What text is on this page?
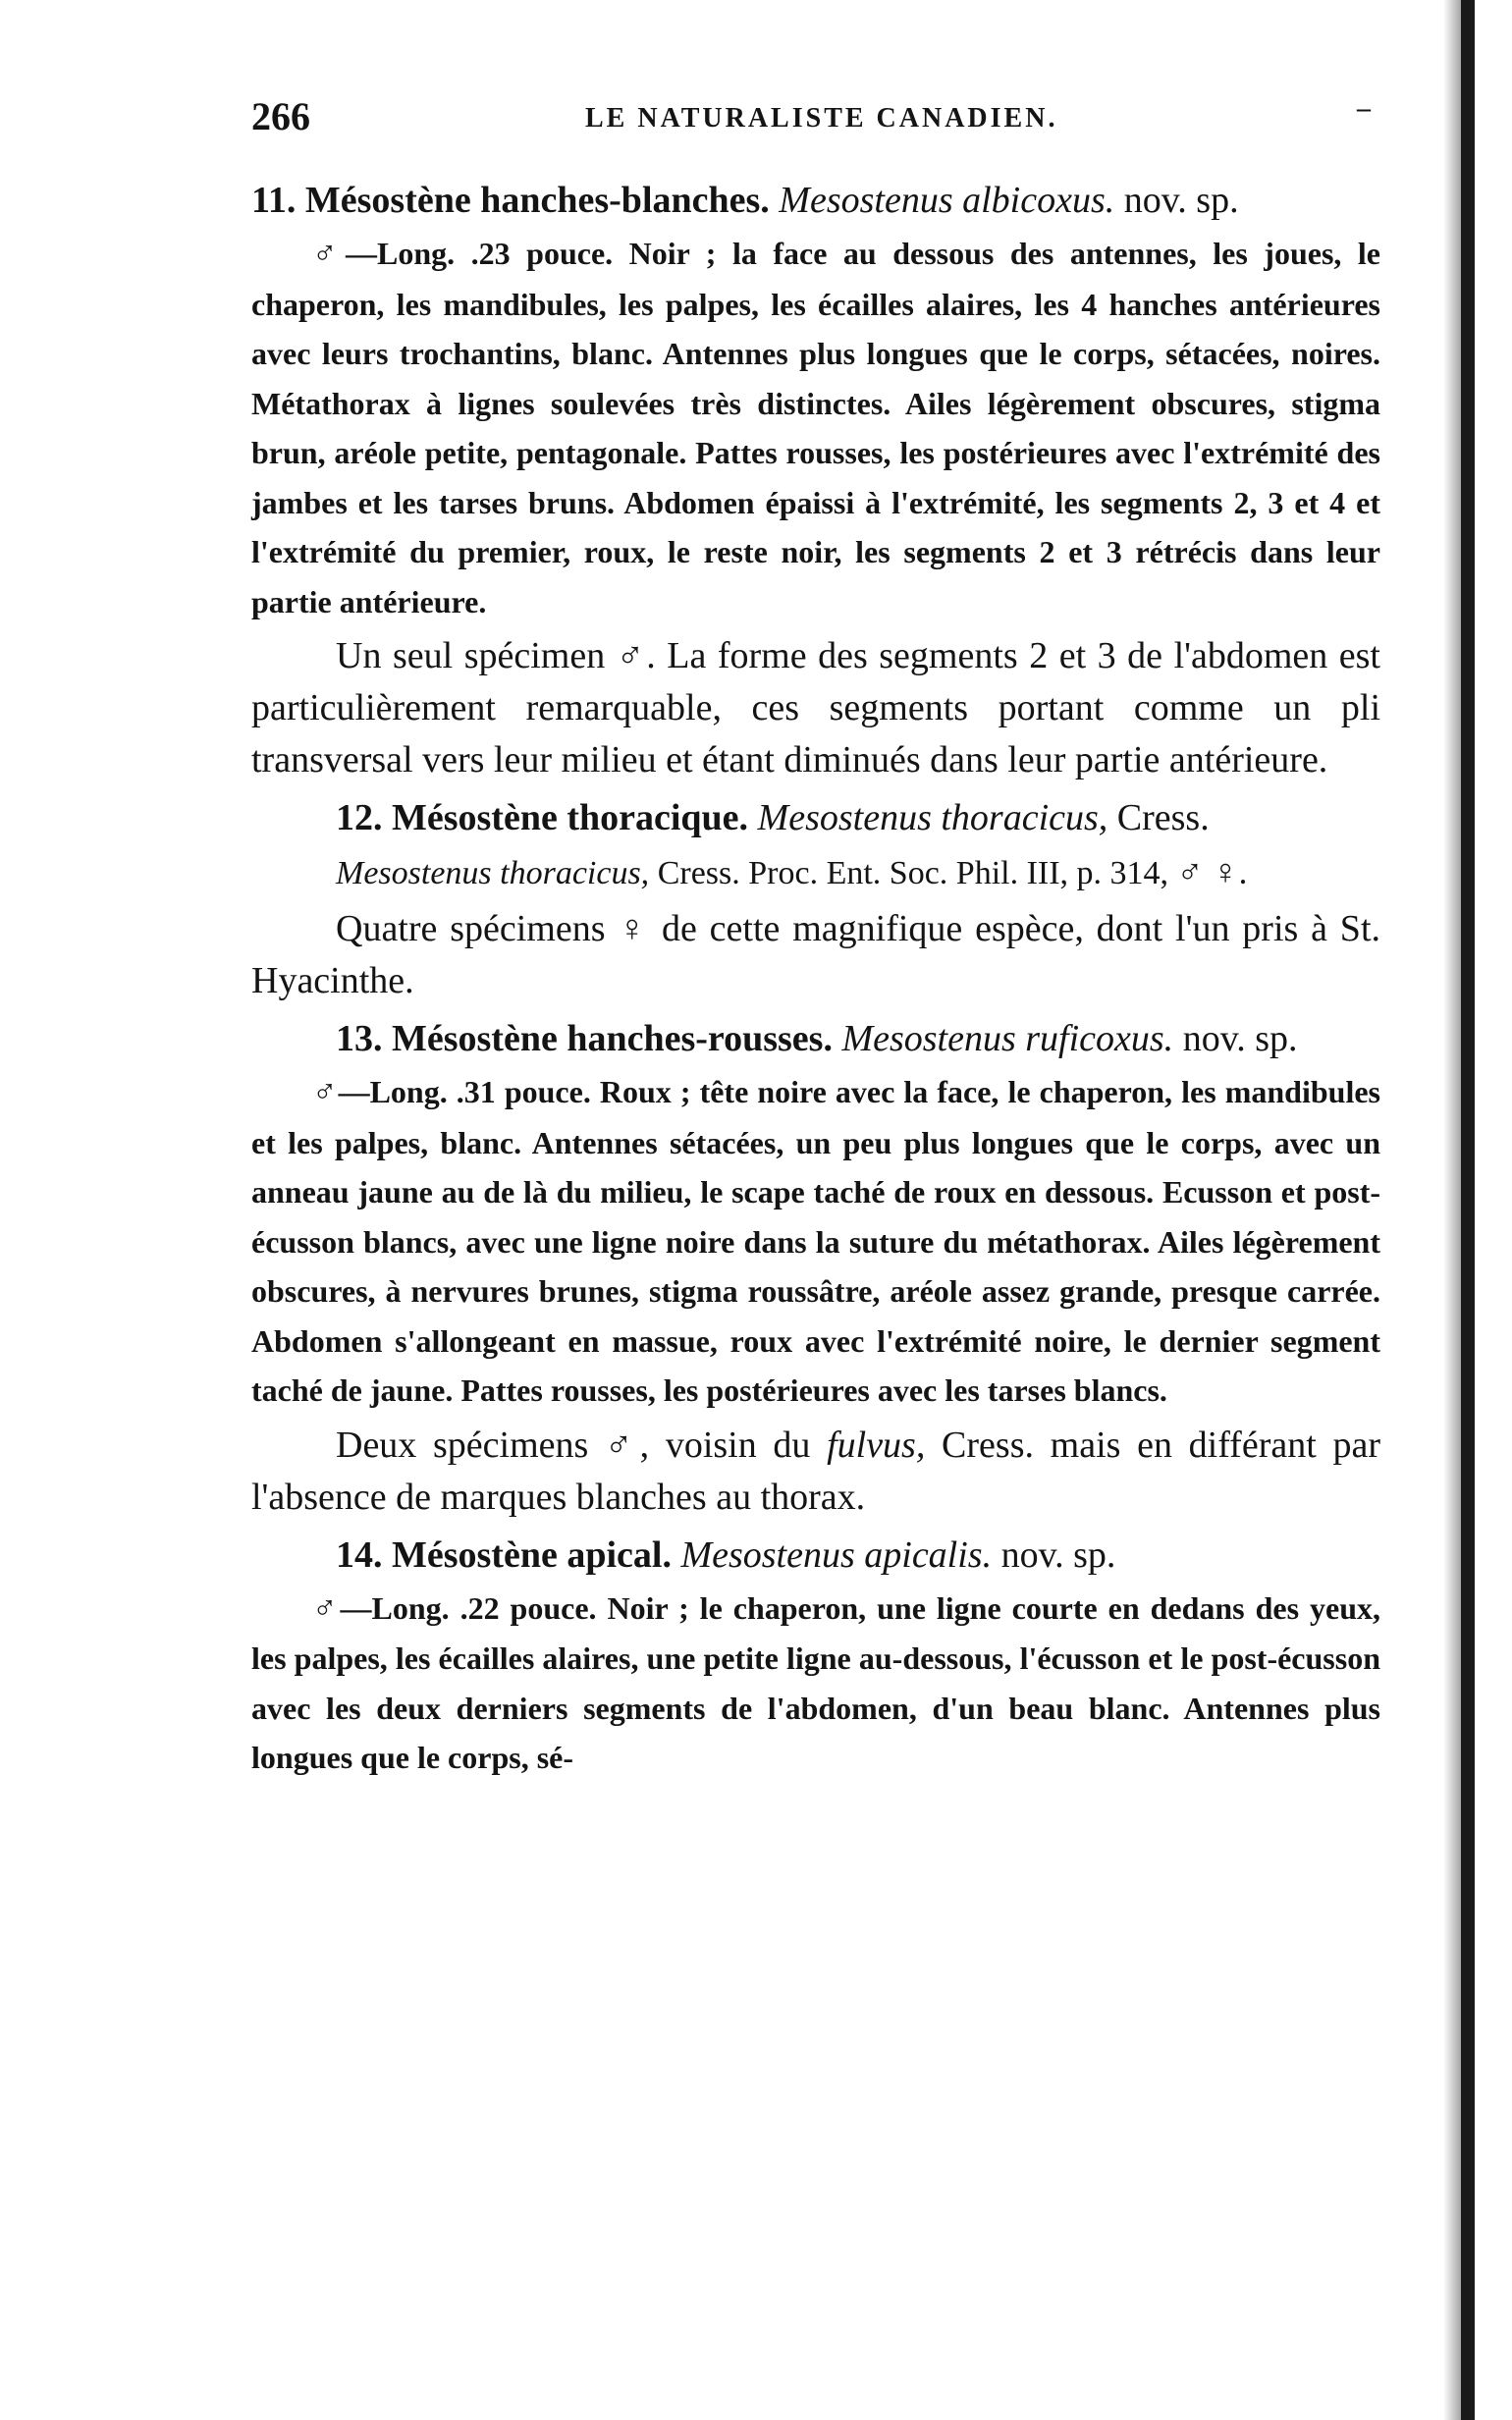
266	LE NATURALISTE CANADIEN.	–

11. Mésostène hanches-blanches. Mesostenus albicoxus. nov. sp.

♂—Long. .23 pouce. Noir ; la face au dessous des antennes, les joues, le chaperon, les mandibules, les palpes, les écailles alaires, les 4 hanches antérieures avec leurs trochantins, blanc. Antennes plus longues que le corps, sétacées, noires. Métathorax à lignes soulevées très distinctes. Ailes légèrement obscures, stigma brun, aréole petite, pentagonale. Pattes rousses, les postérieures avec l'extrémité des jambes et les tarses bruns. Abdomen épaissi à l'extrémité, les segments 2, 3 et 4 et l'extrémité du premier, roux, le reste noir, les segments 2 et 3 rétrécis dans leur partie antérieure.

Un seul spécimen ♂. La forme des segments 2 et 3 de l'abdomen est particulièrement remarquable, ces segments portant comme un pli transversal vers leur milieu et étant diminués dans leur partie antérieure.

12. Mésostène thoracique. Mesostenus thoracicus, Cress.

Mesostenus thoracicus, Cress. Proc. Ent. Soc. Phil. III, p. 314, ♂ ♀.

Quatre spécimens ♀ de cette magnifique espèce, dont l'un pris à St. Hyacinthe.

13. Mésostène hanches-rousses. Mesostenus ruficoxus. nov. sp.

♂—Long. .31 pouce. Roux ; tête noire avec la face, le chaperon, les mandibules et les palpes, blanc. Antennes sétacées, un peu plus longues que le corps, avec un anneau jaune au de là du milieu, le scape taché de roux en dessous. Ecusson et post-écusson blancs, avec une ligne noire dans la suture du métathorax. Ailes légèrement obscures, à nervures brunes, stigma roussâtre, aréole assez grande, presque carrée. Abdomen s'allongeant en massue, roux avec l'extrémité noire, le dernier segment taché de jaune. Pattes rousses, les postérieures avec les tarses blancs.

Deux spécimens ♂, voisin du fulvus, Cress. mais en différant par l'absence de marques blanches au thorax.

14. Mésostène apical. Mesostenus apicalis. nov. sp.

♂—Long. .22 pouce. Noir ; le chaperon, une ligne courte en dedans des yeux, les palpes, les écailles alaires, une petite ligne au-dessous, l'écusson et le post-écusson avec les deux derniers segments de l'abdomen, d'un beau blanc. Antennes plus longues que le corps, sé-
